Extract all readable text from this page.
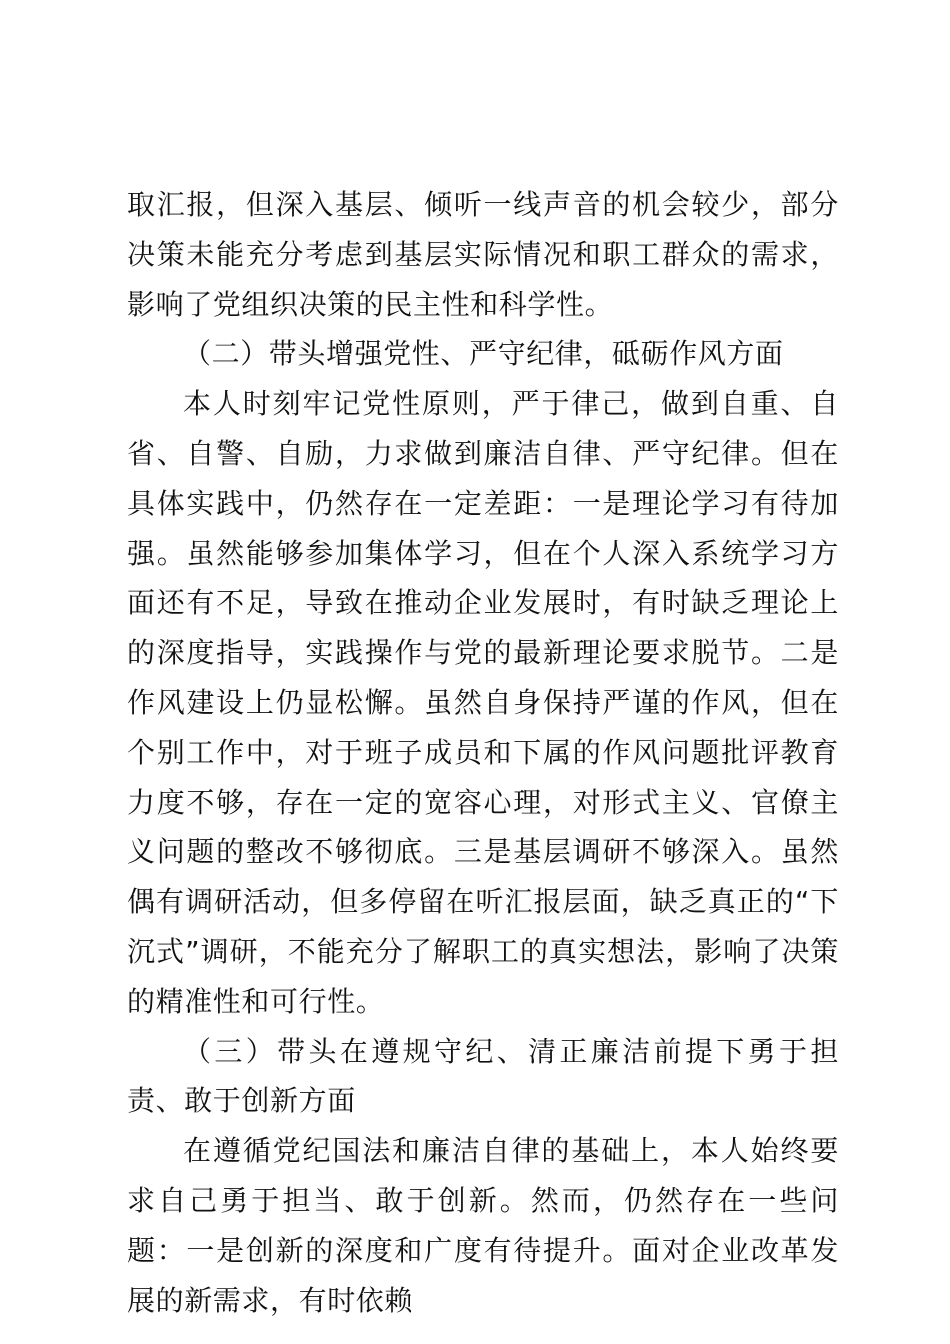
取汇报，但深入基层、倾听一线声音的机会较少，部分决策未能充分考虑到基层实际情况和职工群众的需求，影响了党组织决策的民主性和科学性。

（二）带头增强党性、严守纪律，砥砺作风方面

本人时刻牢记党性原则，严于律己，做到自重、自省、自警、自励，力求做到廉洁自律、严守纪律。但在具体实践中，仍然存在一定差距：一是理论学习有待加强。虽然能够参加集体学习，但在个人深入系统学习方面还有不足，导致在推动企业发展时，有时缺乏理论上的深度指导，实践操作与党的最新理论要求脱节。二是作风建设上仍显松懈。虽然自身保持严谨的作风，但在个别工作中，对于班子成员和下属的作风问题批评教育力度不够，存在一定的宽容心理，对形式主义、官僚主义问题的整改不够彻底。三是基层调研不够深入。虽然偶有调研活动，但多停留在听汇报层面，缺乏真正的“下沉式”调研，不能充分了解职工的真实想法，影响了决策的精准性和可行性。

（三）带头在遵规守纪、清正廉洁前提下勇于担责、敢于创新方面

在遵循党纪国法和廉洁自律的基础上，本人始终要求自己勇于担当、敢于创新。然而，仍然存在一些问题：一是创新的深度和广度有待提升。面对企业改革发展的新需求，有时依赖
